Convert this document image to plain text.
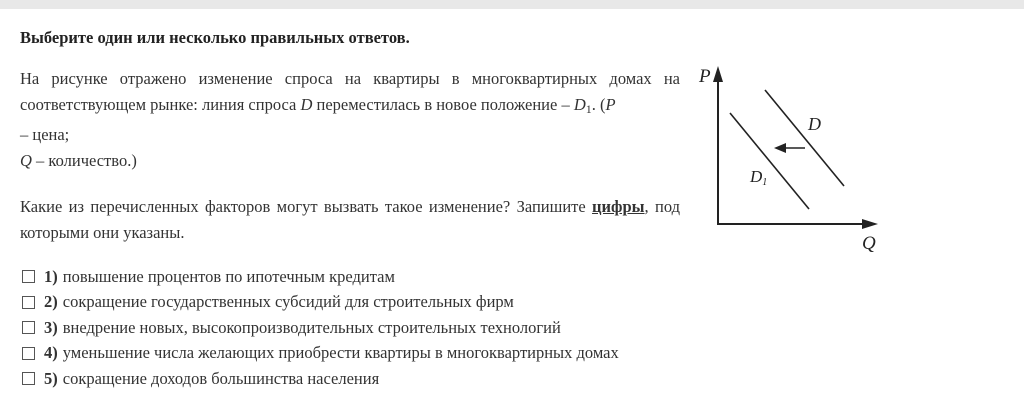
Выберите один или несколько правильных ответов.
На рисунке отражено изменение спроса на квартиры в многоквартирных домах на соответствующем рынке: линия спроса D переместилась в новое положение – $D_1$. (P
– цена;
Q – количество.)
Какие из перечисленных факторов могут вызвать такое изменение? Запишите цифры, под которыми они указаны.
1) повышение процентов по ипотечным кредитам
2) сокращение государственных субсидий для строительных фирм
3) внедрение новых, высокопроизводительных строительных технологий
4) уменьшение числа желающих приобрести квартиры в многоквартирных домах
5) сокращение доходов большинства населения
P
Q
D
D1
